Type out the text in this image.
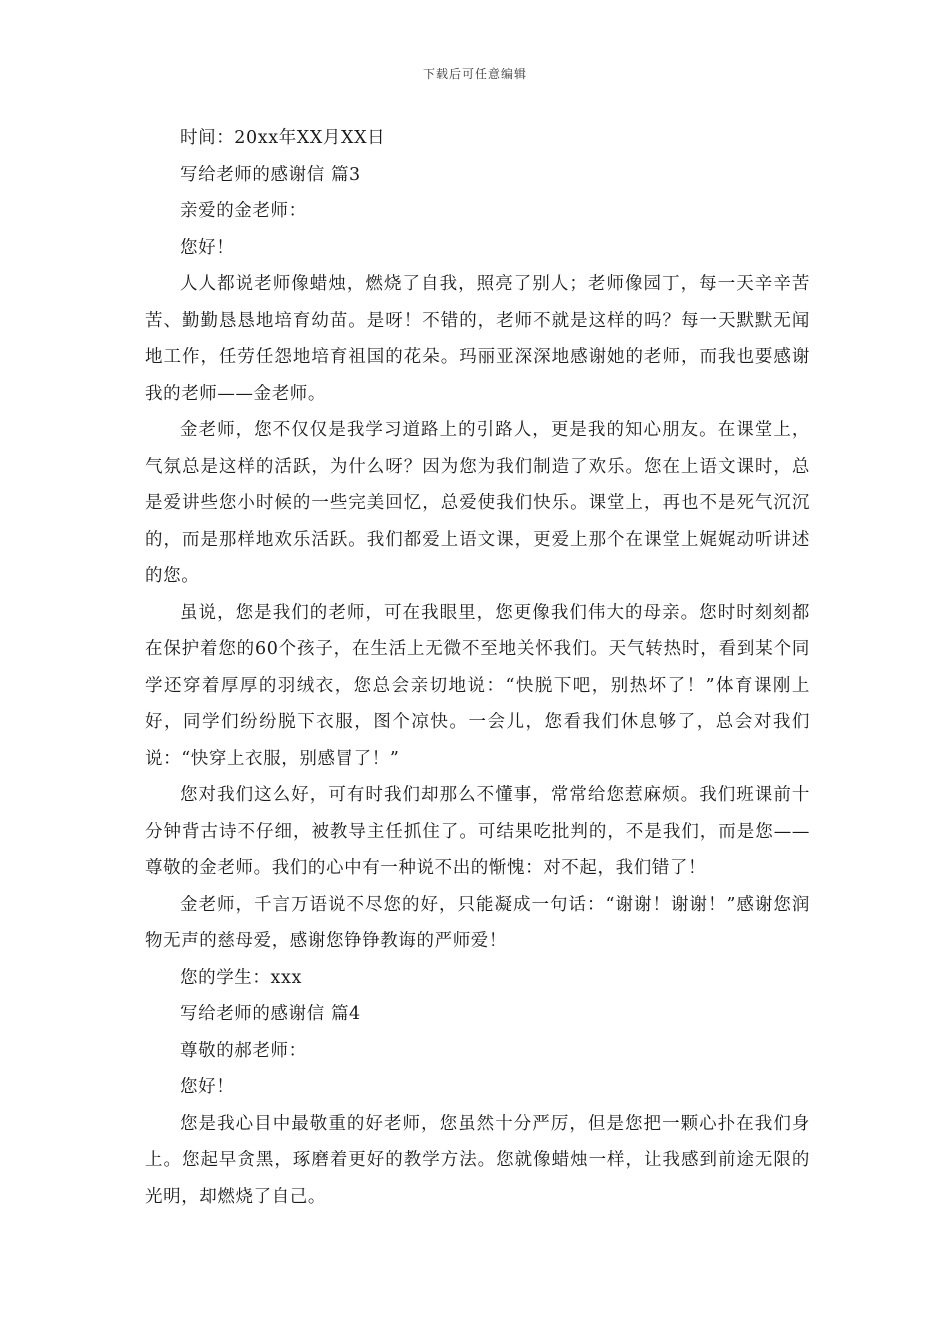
下载后可任意编辑

时间：20xx年XX月XX日

写给老师的感谢信 篇3

亲爱的金老师：

您好！

人人都说老师像蜡烛，燃烧了自我，照亮了别人；老师像园丁，每一天辛辛苦苦、勤勤恳恳地培育幼苗。是呀！不错的，老师不就是这样的吗？每一天默默无闻地工作，任劳任怨地培育祖国的花朵。玛丽亚深深地感谢她的老师，而我也要感谢我的老师——金老师。

金老师，您不仅仅是我学习道路上的引路人，更是我的知心朋友。在课堂上，气氛总是这样的活跃，为什么呀？因为您为我们制造了欢乐。您在上语文课时，总是爱讲些您小时候的一些完美回忆，总爱使我们快乐。课堂上，再也不是死气沉沉的，而是那样地欢乐活跃。我们都爱上语文课，更爱上那个在课堂上娓娓动听讲述的您。

虽说，您是我们的老师，可在我眼里，您更像我们伟大的母亲。您时时刻刻都在保护着您的60个孩子，在生活上无微不至地关怀我们。天气转热时，看到某个同学还穿着厚厚的羽绒衣，您总会亲切地说：“快脱下吧，别热坏了！”体育课刚上好，同学们纷纷脱下衣服，图个凉快。一会儿，您看我们休息够了，总会对我们说：“快穿上衣服，别感冒了！”

您对我们这么好，可有时我们却那么不懂事，常常给您惹麻烦。我们班课前十分钟背古诗不仔细，被教导主任抓住了。可结果吃批判的，不是我们，而是您——尊敬的金老师。我们的心中有一种说不出的惭愧：对不起，我们错了！

金老师，千言万语说不尽您的好，只能凝成一句话：“谢谢！谢谢！”感谢您润物无声的慈母爱，感谢您铮铮教诲的严师爱！

您的学生：xxx

写给老师的感谢信 篇4

尊敬的郝老师：

您好！

您是我心目中最敬重的好老师，您虽然十分严厉，但是您把一颗心扑在我们身上。您起早贪黑，琢磨着更好的教学方法。您就像蜡烛一样，让我感到前途无限的光明，却燃烧了自己。
